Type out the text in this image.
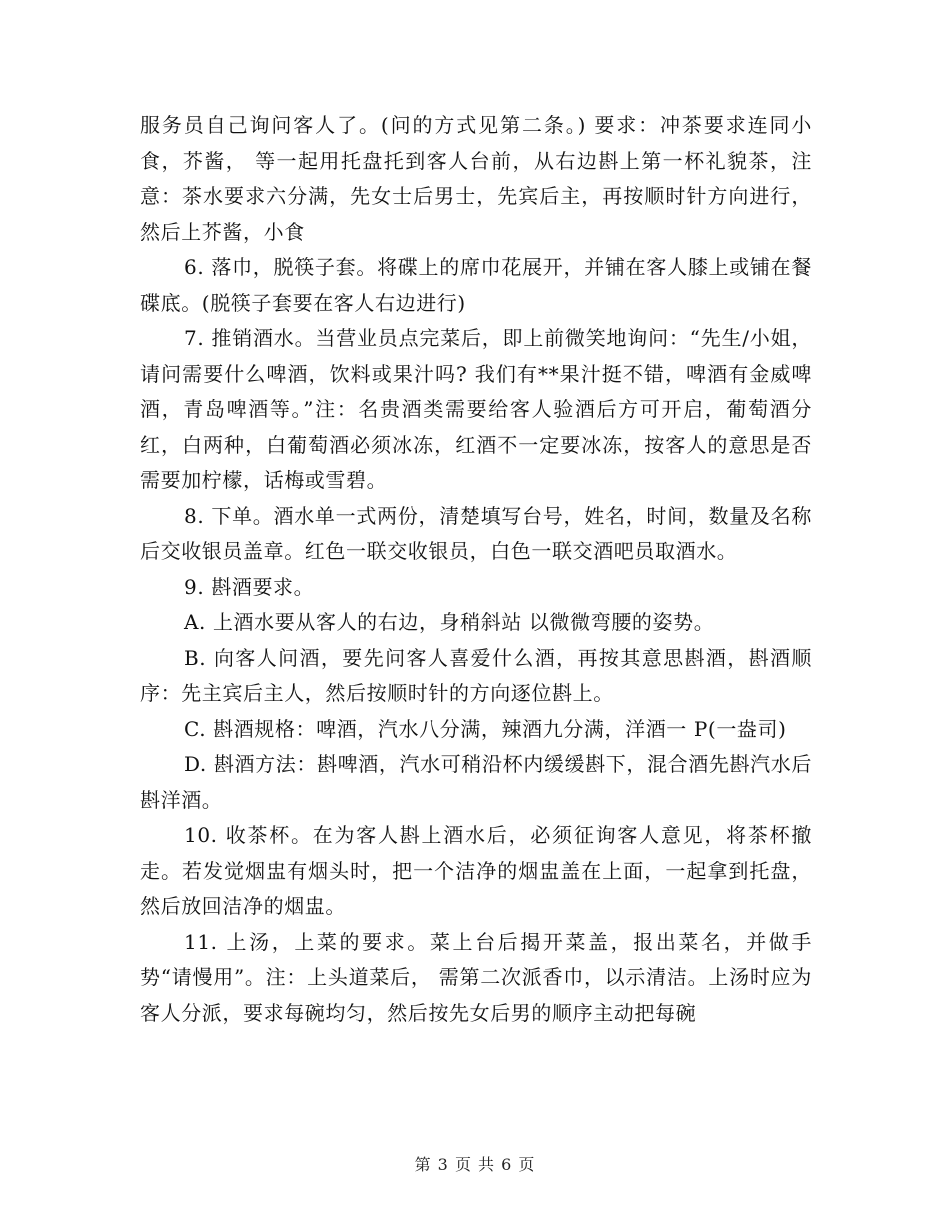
服务员自己询问客人了。(问的方式见第二条。) 要求：冲茶要求连同小食，芥酱， 等一起用托盘托到客人台前，从右边斟上第一杯礼貌茶，注意：茶水要求六分满，先女士后男士，先宾后主，再按顺时针方向进行，然后上芥酱，小食

6. 落巾，脱筷子套。将碟上的席巾花展开，并铺在客人膝上或铺在餐碟底。(脱筷子套要在客人右边进行)

7. 推销酒水。当营业员点完菜后，即上前微笑地询问：“先生/小姐，请问需要什么啤酒，饮料或果汁吗? 我们有**果汁挺不错，啤酒有金威啤酒，青岛啤酒等。”注：名贵酒类需要给客人验酒后方可开启，葡萄酒分红，白两种，白葡萄酒必须冰冻，红酒不一定要冰冻，按客人的意思是否需要加柠檬，话梅或雪碧。

8. 下单。酒水单一式两份，清楚填写台号，姓名，时间，数量及名称后交收银员盖章。红色一联交收银员，白色一联交酒吧员取酒水。

9. 斟酒要求。

A. 上酒水要从客人的右边，身稍斜站 以微微弯腰的姿势。

B. 向客人问酒，要先问客人喜爱什么酒，再按其意思斟酒，斟酒顺序：先主宾后主人，然后按顺时针的方向逐位斟上。

C. 斟酒规格：啤酒，汽水八分满，辣酒九分满，洋酒一 P(一盎司)

D. 斟酒方法：斟啤酒，汽水可稍沿杯内缓缓斟下，混合酒先斟汽水后斟洋酒。

10. 收茶杯。在为客人斟上酒水后，必须征询客人意见，将茶杯撤走。若发觉烟盅有烟头时，把一个洁净的烟盅盖在上面，一起拿到托盘，然后放回洁净的烟盅。

11. 上汤，上菜的要求。菜上台后揭开菜盖，报出菜名，并做手势“请慢用”。注：上头道菜后， 需第二次派香巾，以示清洁。上汤时应为客人分派，要求每碗均匀，然后按先女后男的顺序主动把每碗

第 3 页 共 6 页
